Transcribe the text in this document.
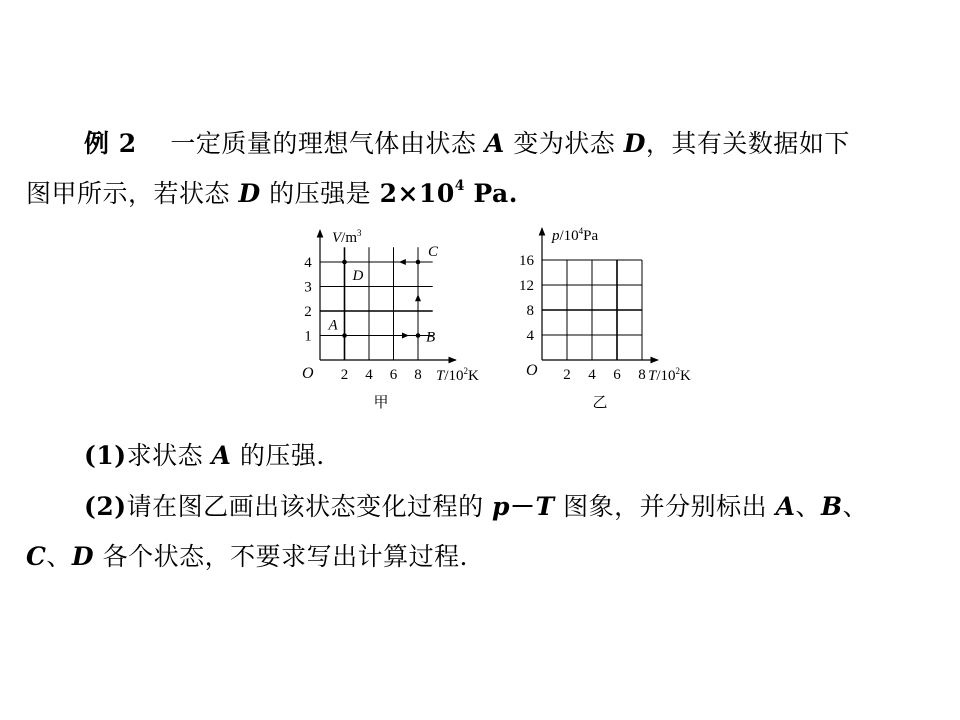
例 2 一定质量的理想气体由状态 A 变为状态 D，其有关数据如下
图甲所示，若状态 D 的压强是 $2\times 10^4$ Pa.
A
B
C
D
$V/m^3$
$T/10^2K$
O 2 4 6 8
1
2
3
4
甲
$p/10^4Pa$
$T/10^2K$
O 2 4 6 8
4
8
12
16
乙
(1)求状态 A 的压强．
(2)请在图乙画出该状态变化过程的 p－T 图象，并分别标出 A、B、
C、D 各个状态，不要求写出计算过程．
